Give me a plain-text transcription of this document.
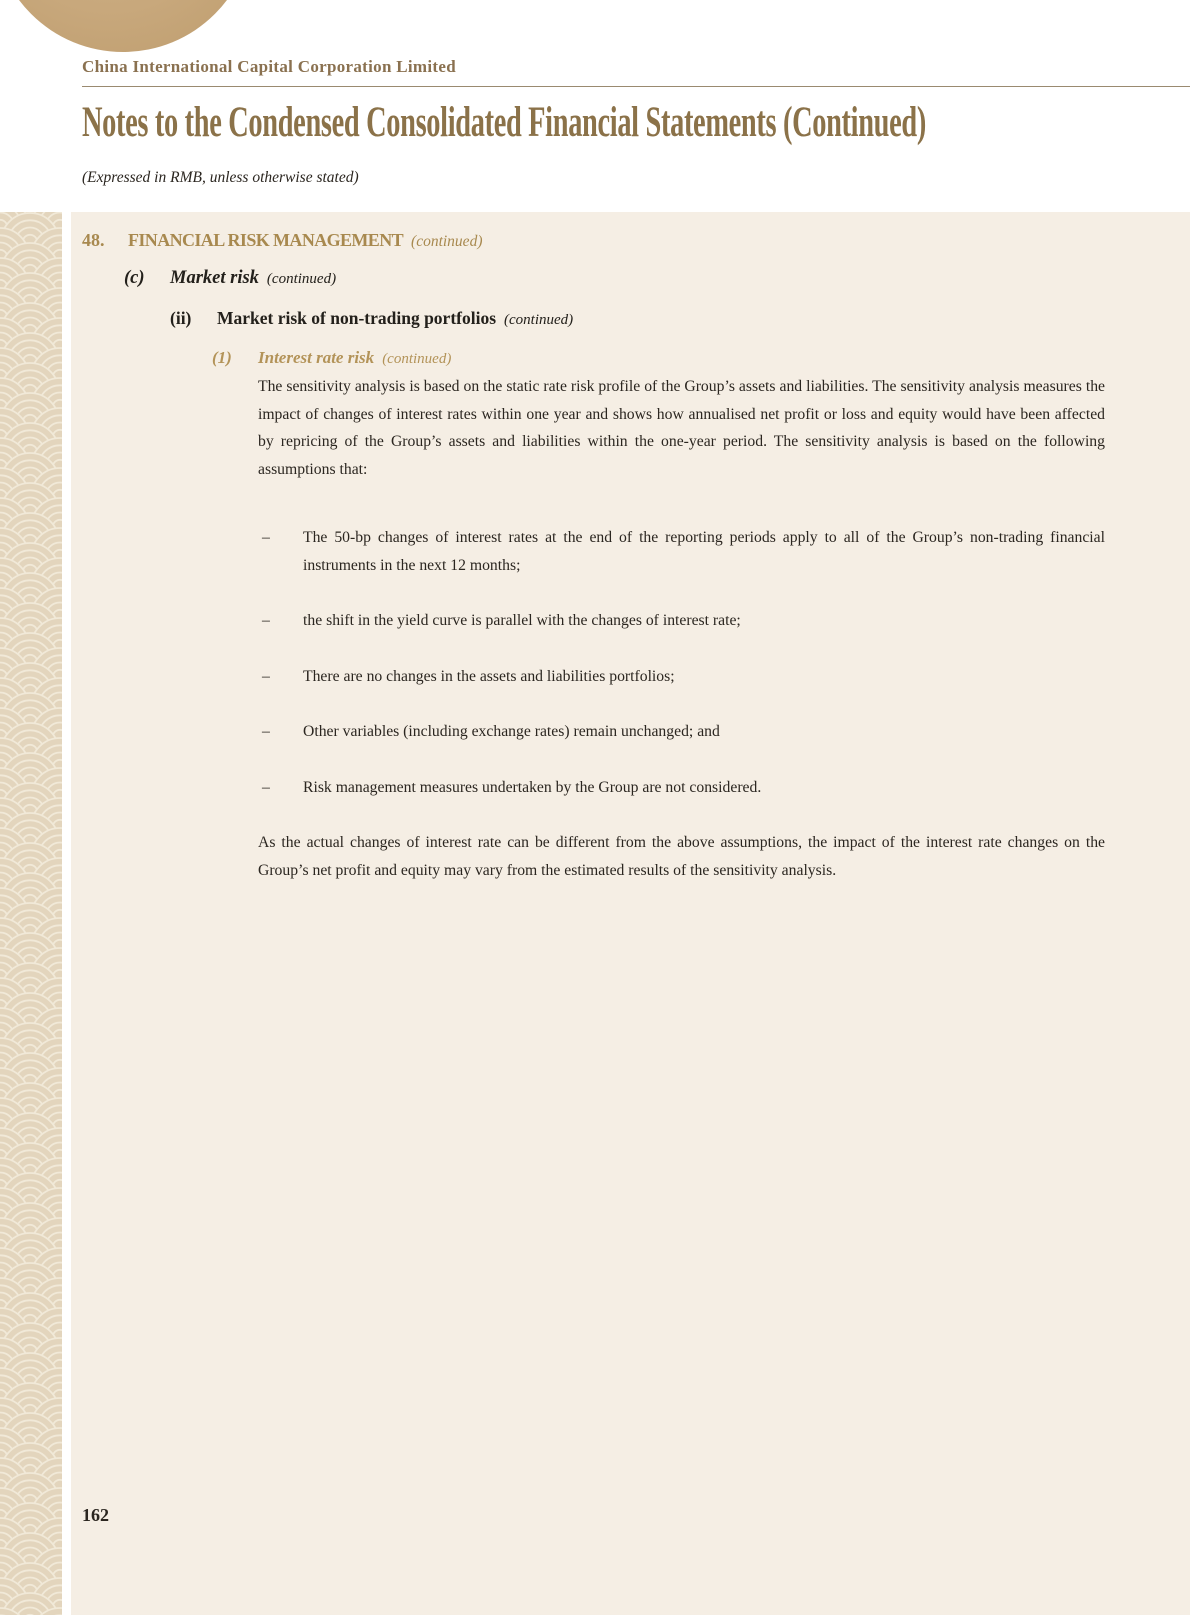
China International Capital Corporation Limited
Notes to the Condensed Consolidated Financial Statements (Continued)
(Expressed in RMB, unless otherwise stated)
48. FINANCIAL RISK MANAGEMENT (continued)
(c) Market risk (continued)
(ii) Market risk of non-trading portfolios (continued)
(1) Interest rate risk (continued)

The sensitivity analysis is based on the static rate risk profile of the Group’s assets and liabilities. The sensitivity analysis measures the impact of changes of interest rates within one year and shows how annualised net profit or loss and equity would have been affected by repricing of the Group’s assets and liabilities within the one-year period. The sensitivity analysis is based on the following assumptions that:

–	The 50-bp changes of interest rates at the end of the reporting periods apply to all of the Group’s non-trading financial instruments in the next 12 months;

–	the shift in the yield curve is parallel with the changes of interest rate;

–	There are no changes in the assets and liabilities portfolios;

–	Other variables (including exchange rates) remain unchanged; and

–	Risk management measures undertaken by the Group are not considered.

As the actual changes of interest rate can be different from the above assumptions, the impact of the interest rate changes on the Group’s net profit and equity may vary from the estimated results of the sensitivity analysis.

162
